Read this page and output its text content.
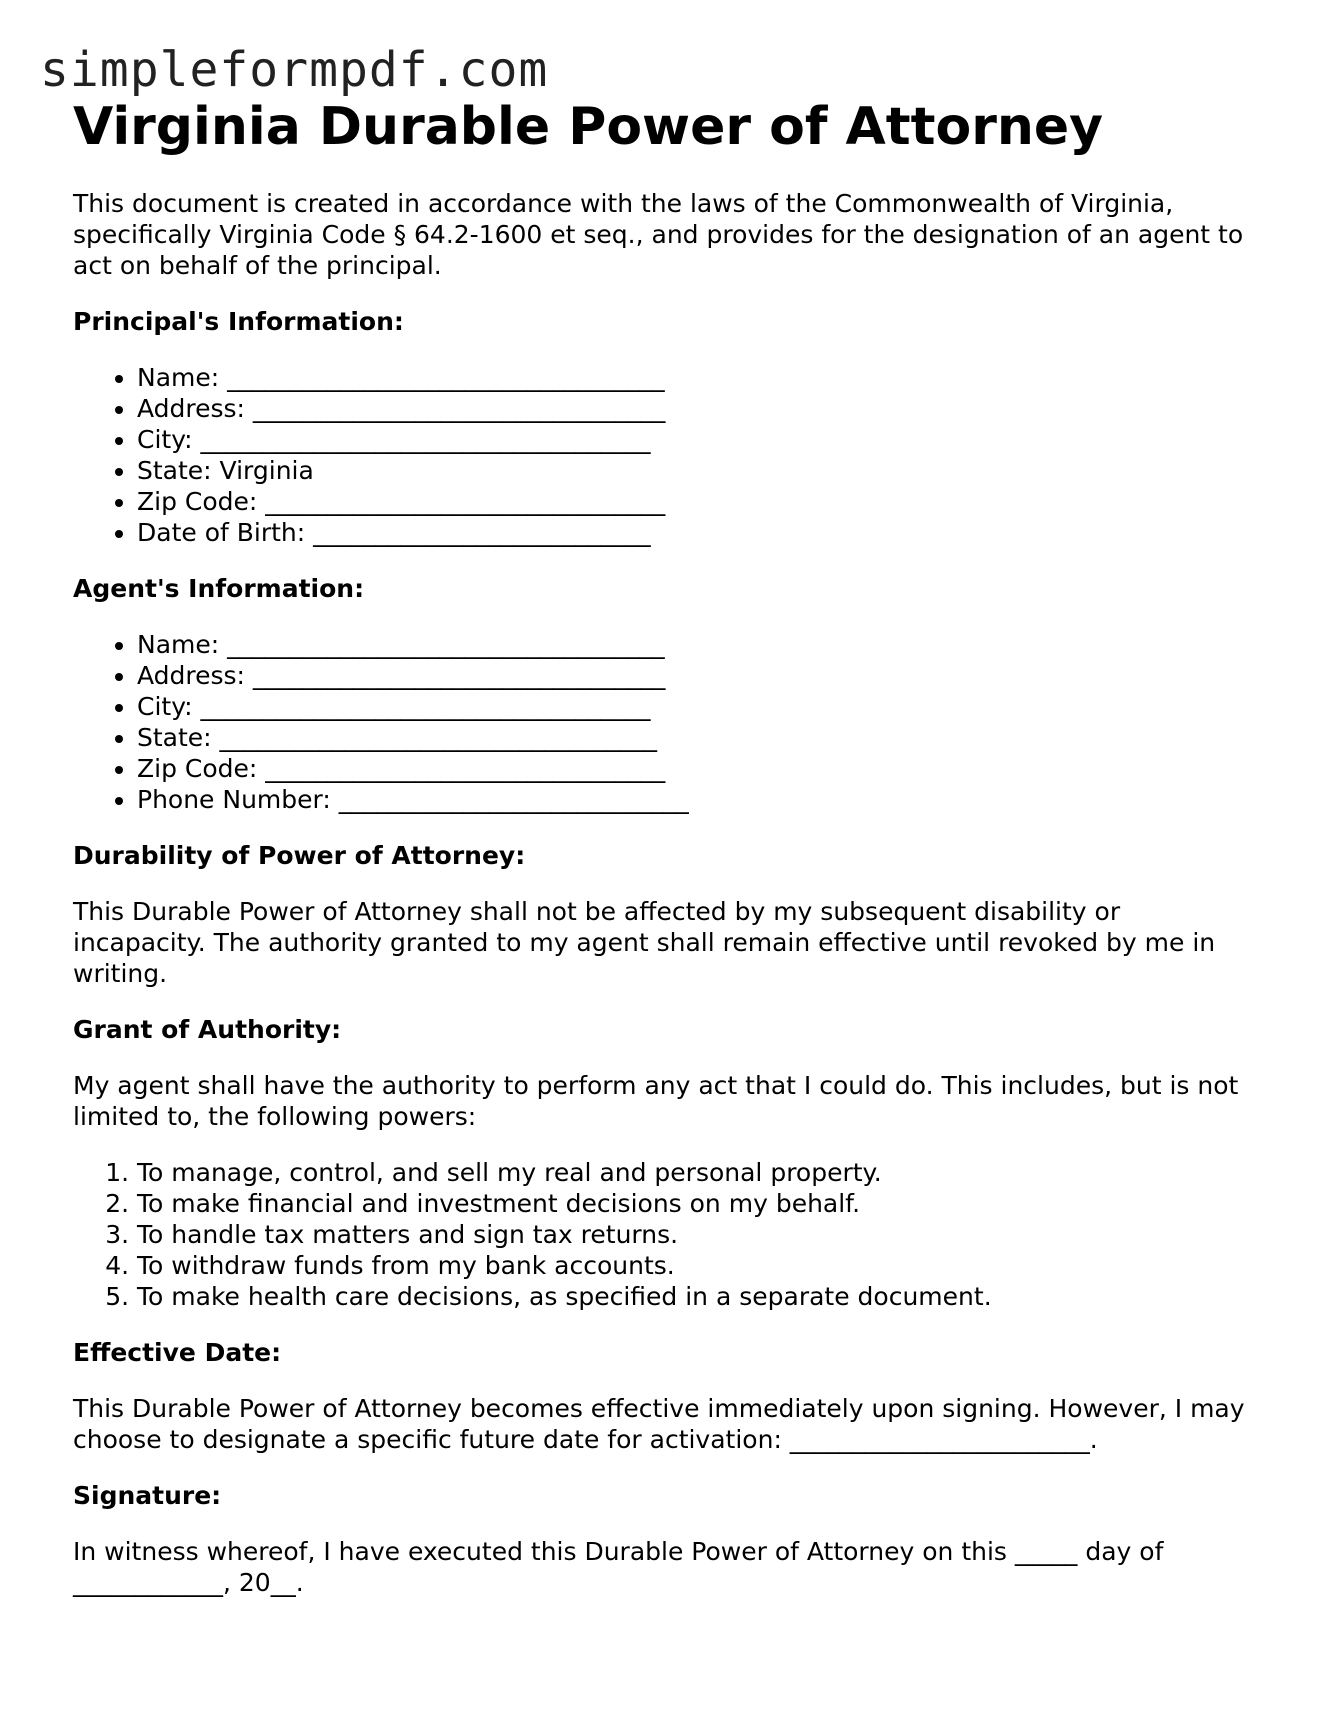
simpleformpdf.com
Virginia Durable Power of Attorney

This document is created in accordance with the laws of the Commonwealth of Virginia, specifically Virginia Code § 64.2-1600 et seq., and provides for the designation of an agent to act on behalf of the principal.

Principal's Information:
• Name: ___________________________________
• Address: _________________________________
• City: ____________________________________
• State: Virginia
• Zip Code: ________________________________
• Date of Birth: ___________________________
Agent's Information:
• Name: ___________________________________
• Address: _________________________________
• City: ____________________________________
• State: ___________________________________
• Zip Code: ________________________________
• Phone Number: ____________________________
Durability of Power of Attorney:

This Durable Power of Attorney shall not be affected by my subsequent disability or incapacity. The authority granted to my agent shall remain effective until revoked by me in writing.

Grant of Authority:

My agent shall have the authority to perform any act that I could do. This includes, but is not limited to, the following powers:

1. To manage, control, and sell my real and personal property.
2. To make financial and investment decisions on my behalf.
3. To handle tax matters and sign tax returns.
4. To withdraw funds from my bank accounts.
5. To make health care decisions, as specified in a separate document.
Effective Date:

This Durable Power of Attorney becomes effective immediately upon signing. However, I may choose to designate a specific future date for activation: ________________________.

Signature:

In witness whereof, I have executed this Durable Power of Attorney on this _____ day of ____________, 20__.
